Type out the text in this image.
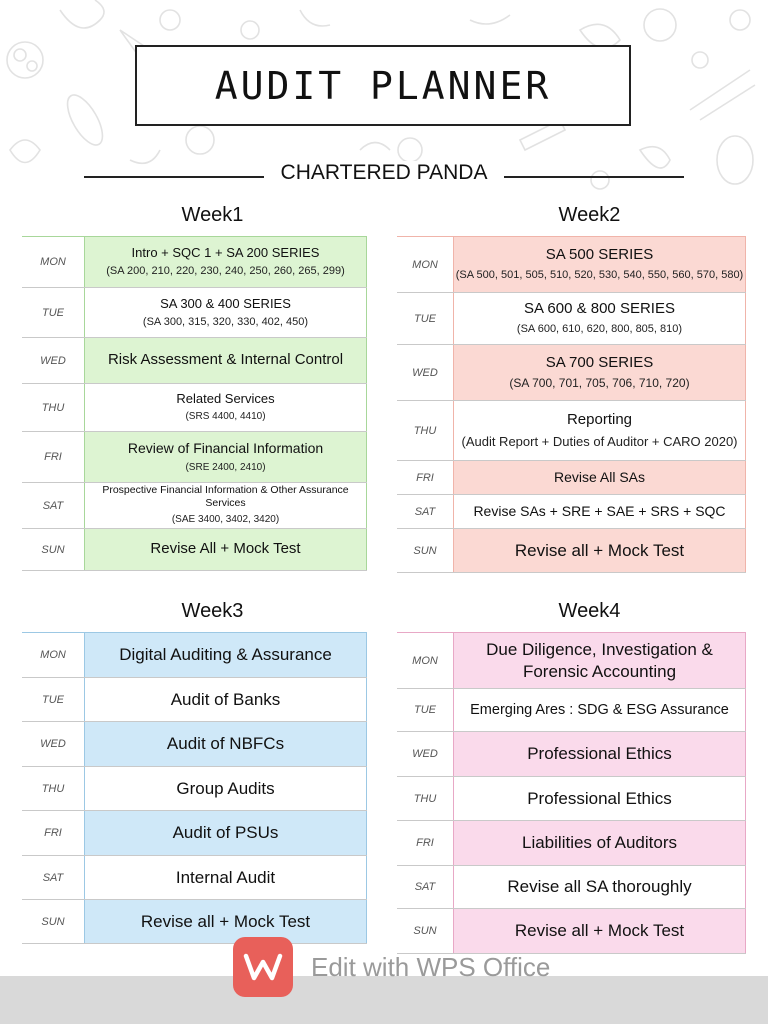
AUDIT PLANNER
CHARTERED PANDA
Week1
MON
Intro + SQC 1 + SA 200 SERIES
(SA 200, 210, 220, 230, 240, 250, 260, 265, 299)
TUE
SA 300 & 400 SERIES
(SA 300, 315, 320, 330, 402, 450)
WED	Risk Assessment & Internal Control
THU
Related Services
(SRS 4400, 4410)
FRI
Review of Financial Information
(SRE 2400, 2410)
SAT
Prospective Financial Information & Other Assurance Services
(SAE 3400, 3402, 3420)
SUN	Revise All + Mock Test
Week2
MON
SA 500 SERIES
(SA 500, 501, 505, 510, 520, 530, 540, 550, 560, 570, 580)
TUE
SA 600 & 800 SERIES
(SA 600, 610, 620, 800, 805, 810)
WED
SA 700 SERIES
(SA 700, 701, 705, 706, 710, 720)
THU
Reporting
(Audit Report + Duties of Auditor + CARO 2020)
FRI	Revise All SAs
SAT	Revise SAs + SRE + SAE + SRS + SQC
SUN	Revise all + Mock Test
Week3
MON	Digital Auditing & Assurance
TUE	Audit of Banks
WED	Audit of NBFCs
THU	Group Audits
FRI	Audit of PSUs
SAT	Internal Audit
SUN	Revise all + Mock Test
Week4
MON
Due Diligence, Investigation & Forensic Accounting
TUE	Emerging Ares : SDG & ESG Assurance
WED	Professional Ethics
THU	Professional Ethics
FRI	Liabilities of Auditors
SAT	Revise all SA thoroughly
SUN	Revise all + Mock Test
Edit with WPS Office
